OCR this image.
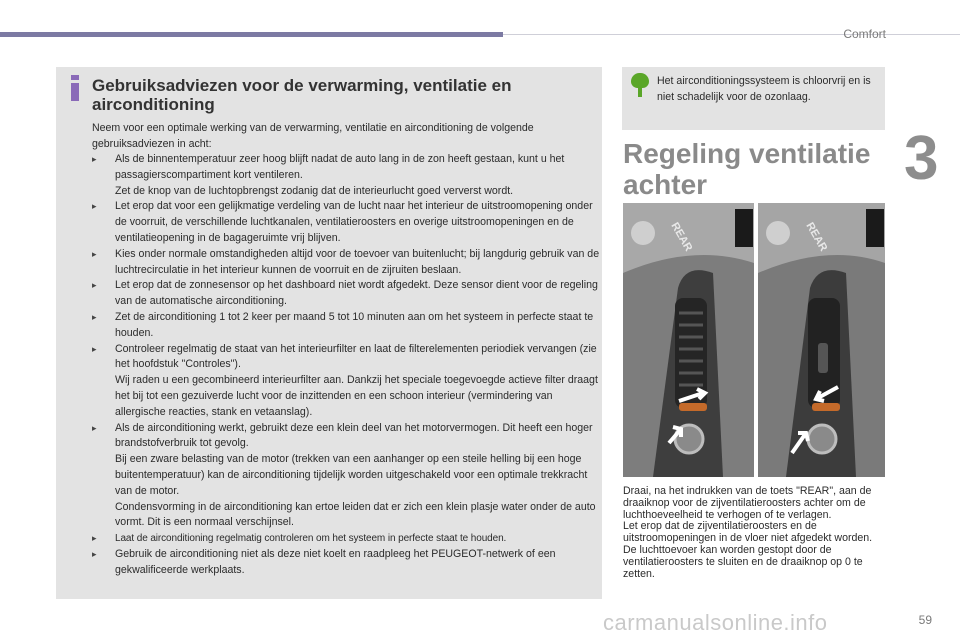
Comfort
3
Gebruiksadviezen voor de verwarming, ventilatie en airconditioning

Neem voor een optimale werking van de verwarming, ventilatie en airconditioning de volgende gebruiksadviezen in acht:

▸	Als de binnentemperatuur zeer hoog blijft nadat de auto lang in de zon heeft gestaan, kunt u het passagierscompartiment kort ventileren.
Zet de knop van de luchtopbrengst zodanig dat de interieurlucht goed ververst wordt.
▸	Let erop dat voor een gelijkmatige verdeling van de lucht naar het interieur de uitstroomopening onder de voorruit, de verschillende luchtkanalen, ventilatieroosters en overige uitstroomopeningen en de ventilatieopening in de bagageruimte vrij blijven.
▸	Kies onder normale omstandigheden altijd voor de toevoer van buitenlucht; bij langdurig gebruik van de luchtrecirculatie in het interieur kunnen de voorruit en de zijruiten beslaan.
▸	Let erop dat de zonnesensor op het dashboard niet wordt afgedekt. Deze sensor dient voor de regeling van de automatische airconditioning.
▸	Zet de airconditioning 1 tot 2 keer per maand 5 tot 10 minuten aan om het systeem in perfecte staat te houden.
▸	Controleer regelmatig de staat van het interieurfilter en laat de filterelementen periodiek vervangen (zie het hoofdstuk "Controles").
Wij raden u een gecombineerd interieurfilter aan. Dankzij het speciale toegevoegde actieve filter draagt het bij tot een gezuiverde lucht voor de inzittenden en een schoon interieur (vermindering van allergische reacties, stank en vetaanslag).
▸	Als de airconditioning werkt, gebruikt deze een klein deel van het motorvermogen. Dit heeft een hoger brandstofverbruik tot gevolg.
Bij een zware belasting van de motor (trekken van een aanhanger op een steile helling bij een hoge buitentemperatuur) kan de airconditioning tijdelijk worden uitgeschakeld voor een optimale trekkracht van de motor.
Condensvorming in de airconditioning kan ertoe leiden dat er zich een klein plasje water onder de auto vormt. Dit is een normaal verschijnsel.
▸	Laat de airconditioning regelmatig controleren om het systeem in perfecte staat te houden.
▸	Gebruik de airconditioning niet als deze niet koelt en raadpleeg het PEUGEOT-netwerk of een gekwalificeerde werkplaats.

Het airconditioningssysteem is chloorvrij en is niet schadelijk voor de ozonlaag.

Regeling ventilatie achter
REAR	REAR
Draai, na het indrukken van de toets "REAR", aan de draaiknop voor de zijventilatieroosters achter om de luchthoeveelheid te verhogen of te verlagen.
Let erop dat de zijventilatieroosters en de uitstroomopeningen in de vloer niet afgedekt worden.
De luchttoevoer kan worden gestopt door de ventilatieroosters te sluiten en de draaiknop op 0 te zetten.
carmanualsonline.info	59
